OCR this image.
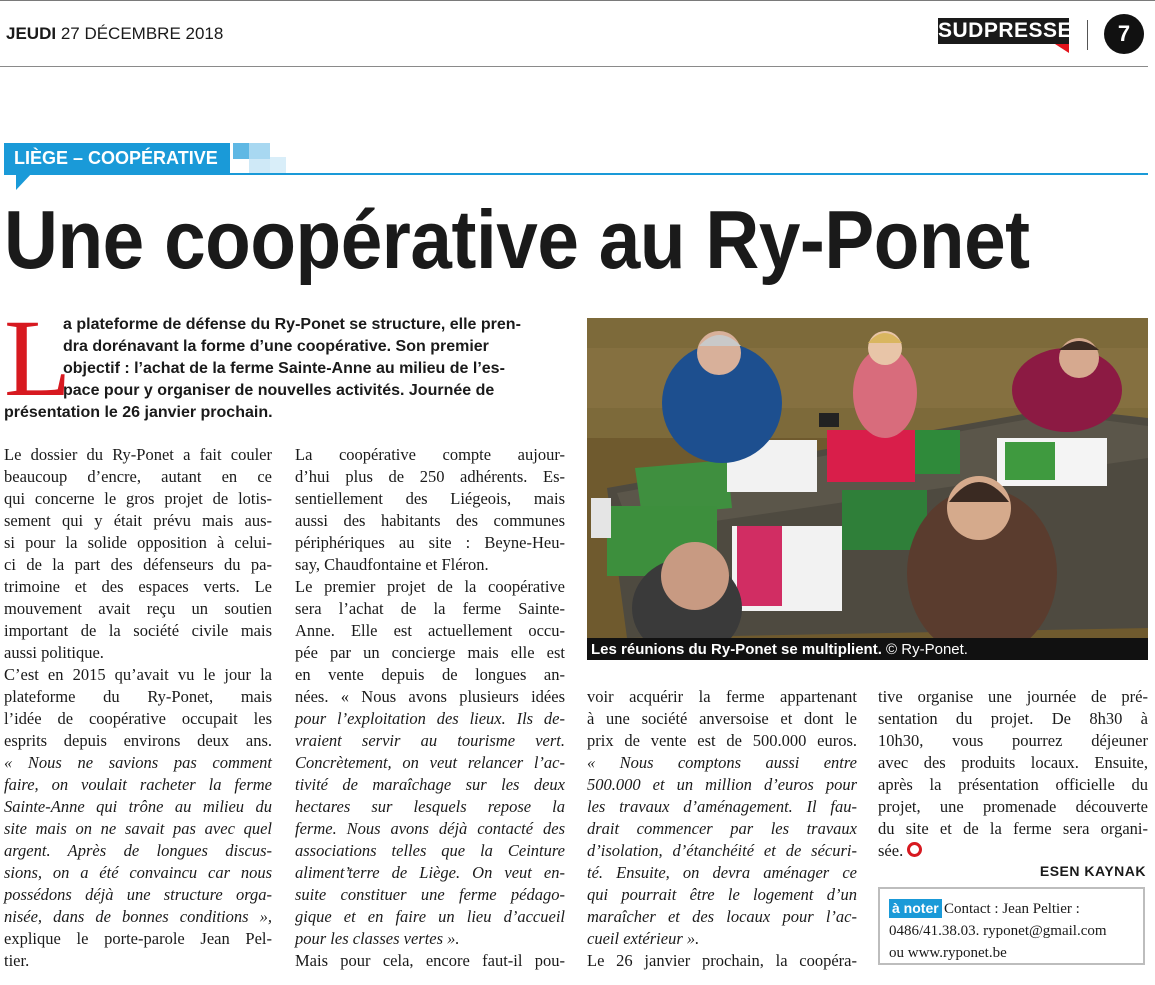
JEUDI 27 DÉCEMBRE 2018	SUDPRESSE	7
LIÈGE – COOPÉRATIVE
Une coopérative au Ry-Ponet
L
a plateforme de défense du Ry-Ponet se structure, elle pren-
dra dorénavant la forme d’une coopérative. Son premier
objectif : l’achat de la ferme Sainte-Anne au milieu de l’es-
pace pour y organiser de nouvelles activités. Journée de
présentation le 26 janvier prochain.
Le dossier du Ry-Ponet a fait couler
beaucoup d’encre, autant en ce
qui concerne le gros projet de lotis-
sement qui y était prévu mais aus-
si pour la solide opposition à celui-
ci de la part des défenseurs du pa-
trimoine et des espaces verts. Le
mouvement avait reçu un soutien
important de la société civile mais
aussi politique.
C’est en 2015 qu’avait vu le jour la
plateforme du Ry-Ponet, mais
l’idée de coopérative occupait les
esprits depuis environs deux ans.
« Nous ne savions pas comment
faire, on voulait racheter la ferme
Sainte-Anne qui trône au milieu du
site mais on ne savait pas avec quel
argent. Après de longues discus-
sions, on a été convaincu car nous
possédons déjà une structure orga-
nisée, dans de bonnes conditions »,
explique le porte-parole Jean Pel-
tier.
La coopérative compte aujour-
d’hui plus de 250 adhérents. Es-
sentiellement des Liégeois, mais
aussi des habitants des communes
périphériques au site : Beyne-Heu-
say, Chaudfontaine et Fléron.
Le premier projet de la coopérative
sera l’achat de la ferme Sainte-
Anne. Elle est actuellement occu-
pée par un concierge mais elle est
en vente depuis de longues an-
nées. « Nous avons plusieurs idées
pour l’exploitation des lieux. Ils de-
vraient servir au tourisme vert.
Concrètement, on veut relancer l’ac-
tivité de maraîchage sur les deux
hectares sur lesquels repose la
ferme. Nous avons déjà contacté des
associations telles que la Ceinture
aliment’terre de Liège. On veut en-
suite constituer une ferme pédago-
gique et en faire un lieu d’accueil
pour les classes vertes ».
Mais pour cela, encore faut-il pou-
Les réunions du Ry-Ponet se multiplient. © Ry-Ponet.
voir acquérir la ferme appartenant
à une société anversoise et dont le
prix de vente est de 500.000 euros.
« Nous comptons aussi entre
500.000 et un million d’euros pour
les travaux d’aménagement. Il fau-
drait commencer par les travaux
d’isolation, d’étanchéité et de sécuri-
té. Ensuite, on devra aménager ce
qui pourrait être le logement d’un
maraîcher et des locaux pour l’ac-
cueil extérieur ».
Le 26 janvier prochain, la coopéra-
tive organise une journée de pré-
sentation du projet. De 8h30 à
10h30, vous pourrez déjeuner
avec des produits locaux. Ensuite,
après la présentation officielle du
projet, une promenade découverte
du site et de la ferme sera organi-
sée.
ESEN KAYNAK
à noter Contact : Jean Peltier :
0486/41.38.03. ryponet@gmail.com
ou www.ryponet.be
